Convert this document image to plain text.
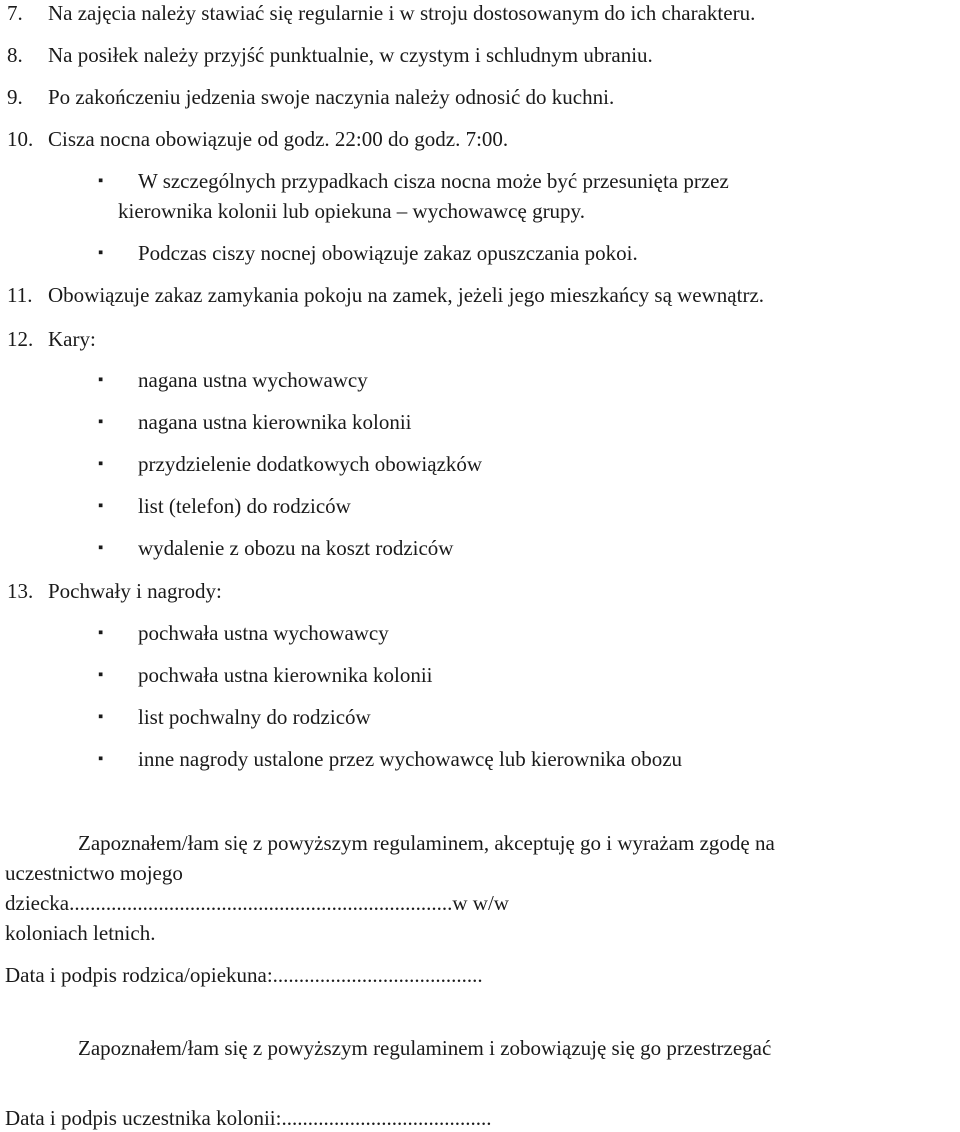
7. Na zajęcia należy stawiać się regularnie i w stroju dostosowanym do ich charakteru.
8. Na posiłek należy przyjść punktualnie, w czystym i schludnym ubraniu.
9. Po zakończeniu jedzenia swoje naczynia należy odnosić do kuchni.
10. Cisza nocna obowiązuje od godz. 22:00 do godz. 7:00.
▪ W szczególnych przypadkach cisza nocna może być przesunięta przez
kierownika kolonii lub opiekuna – wychowawcę grupy.
▪ Podczas ciszy nocnej obowiązuje zakaz opuszczania pokoi.
11. Obowiązuje zakaz zamykania pokoju na zamek, jeżeli jego mieszkańcy są wewnątrz.
12. Kary:
▪ nagana ustna wychowawcy
▪ nagana ustna kierownika kolonii
▪ przydzielenie dodatkowych obowiązków
▪ list (telefon) do rodziców
▪ wydalenie z obozu na koszt rodziców
13. Pochwały i nagrody:
▪ pochwała ustna wychowawcy
▪ pochwała ustna kierownika kolonii
▪ list pochwalny do rodziców
▪ inne nagrody ustalone przez wychowawcę lub kierownika obozu
Zapoznałem/łam się z powyższym regulaminem, akceptuję go i wyrażam zgodę na
uczestnictwo mojego
dziecka.........................................................................w w/w
koloniach letnich.
Data i podpis rodzica/opiekuna:........................................
Zapoznałem/łam się z powyższym regulaminem i zobowiązuję się go przestrzegać
Data i podpis uczestnika kolonii:........................................
